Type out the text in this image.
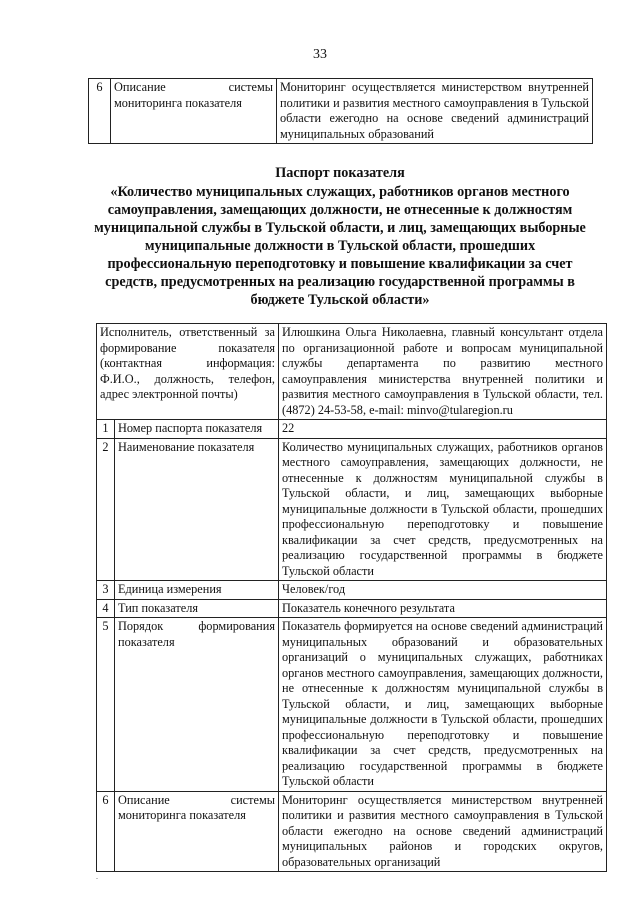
33
6	Описание системы мониторинга показателя	Мониторинг осуществляется министерством внутренней политики и развития местного самоуправления в Тульской области ежегодно на основе сведений администраций муниципальных образований
Паспорт показателя
«Количество муниципальных служащих, работников органов местного самоуправления, замещающих должности, не отнесенные к должностям муниципальной службы в Тульской области, и лиц, замещающих выборные муниципальные должности в Тульской области, прошедших профессиональную переподготовку и повышение квалификации за счет средств, предусмотренных на реализацию государственной программы в бюджете Тульской области»
Исполнитель, ответственный за формирование показателя (контактная информация: Ф.И.О., должность, телефон, адрес электронной почты)		Илюшкина Ольга Николаевна, главный консультант отдела по организационной работе и вопросам муниципальной службы департамента по развитию местного самоуправления министерства внутренней политики и развития местного самоуправления в Тульской области, тел. (4872) 24-53-58, e-mail: minvo@tularegion.ru
1	Номер паспорта показателя	22
2	Наименование показателя	Количество муниципальных служащих, работников органов местного самоуправления, замещающих должности, не отнесенные к должностям муниципальной службы в Тульской области, и лиц, замещающих выборные муниципальные должности в Тульской области, прошедших профессиональную переподготовку и повышение квалификации за счет средств, предусмотренных на реализацию государственной программы в бюджете Тульской области
3	Единица измерения	Человек/год
4	Тип показателя	Показатель конечного результата
5	Порядок формирования показателя	Показатель формируется на основе сведений администраций муниципальных образований и образовательных организаций о муниципальных служащих, работниках органов местного самоуправления, замещающих должности, не отнесенные к должностям муниципальной службы в Тульской области, и лиц, замещающих выборные муниципальные должности в Тульской области, прошедших профессиональную переподготовку и повышение квалификации за счет средств, предусмотренных на реализацию государственной программы в бюджете Тульской области
6	Описание системы мониторинга показателя	Мониторинг осуществляется министерством внутренней политики и развития местного самоуправления в Тульской области ежегодно на основе сведений администраций муниципальных районов и городских округов, образовательных организаций
.
